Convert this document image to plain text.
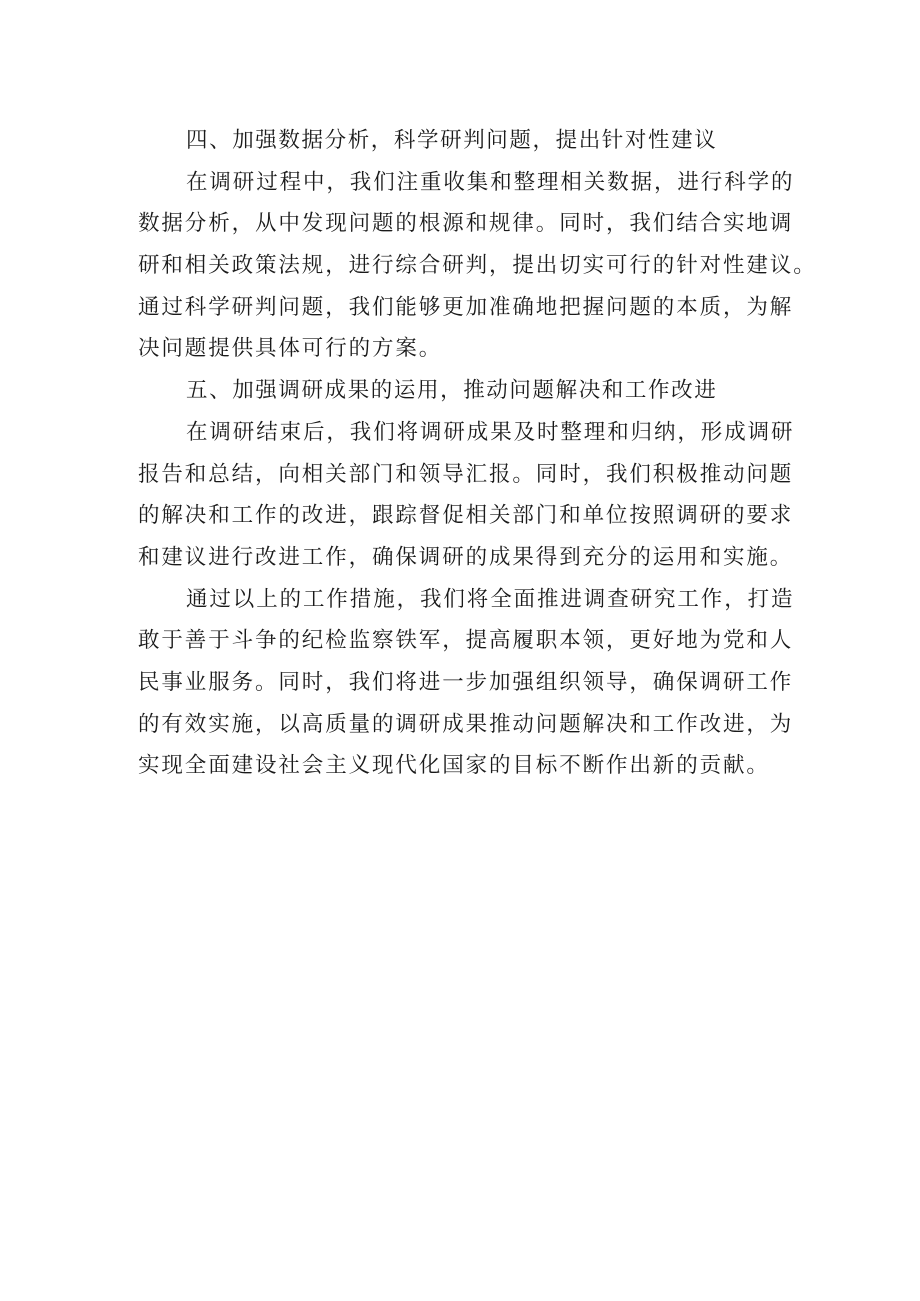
四、加强数据分析，科学研判问题，提出针对性建议
在调研过程中，我们注重收集和整理相关数据，进行科学的
数据分析，从中发现问题的根源和规律。同时，我们结合实地调
研和相关政策法规，进行综合研判，提出切实可行的针对性建议。
通过科学研判问题，我们能够更加准确地把握问题的本质，为解
决问题提供具体可行的方案。
五、加强调研成果的运用，推动问题解决和工作改进
在调研结束后，我们将调研成果及时整理和归纳，形成调研
报告和总结，向相关部门和领导汇报。同时，我们积极推动问题
的解决和工作的改进，跟踪督促相关部门和单位按照调研的要求
和建议进行改进工作，确保调研的成果得到充分的运用和实施。
通过以上的工作措施，我们将全面推进调查研究工作，打造
敢于善于斗争的纪检监察铁军，提高履职本领，更好地为党和人
民事业服务。同时，我们将进一步加强组织领导，确保调研工作
的有效实施，以高质量的调研成果推动问题解决和工作改进，为
实现全面建设社会主义现代化国家的目标不断作出新的贡献。
